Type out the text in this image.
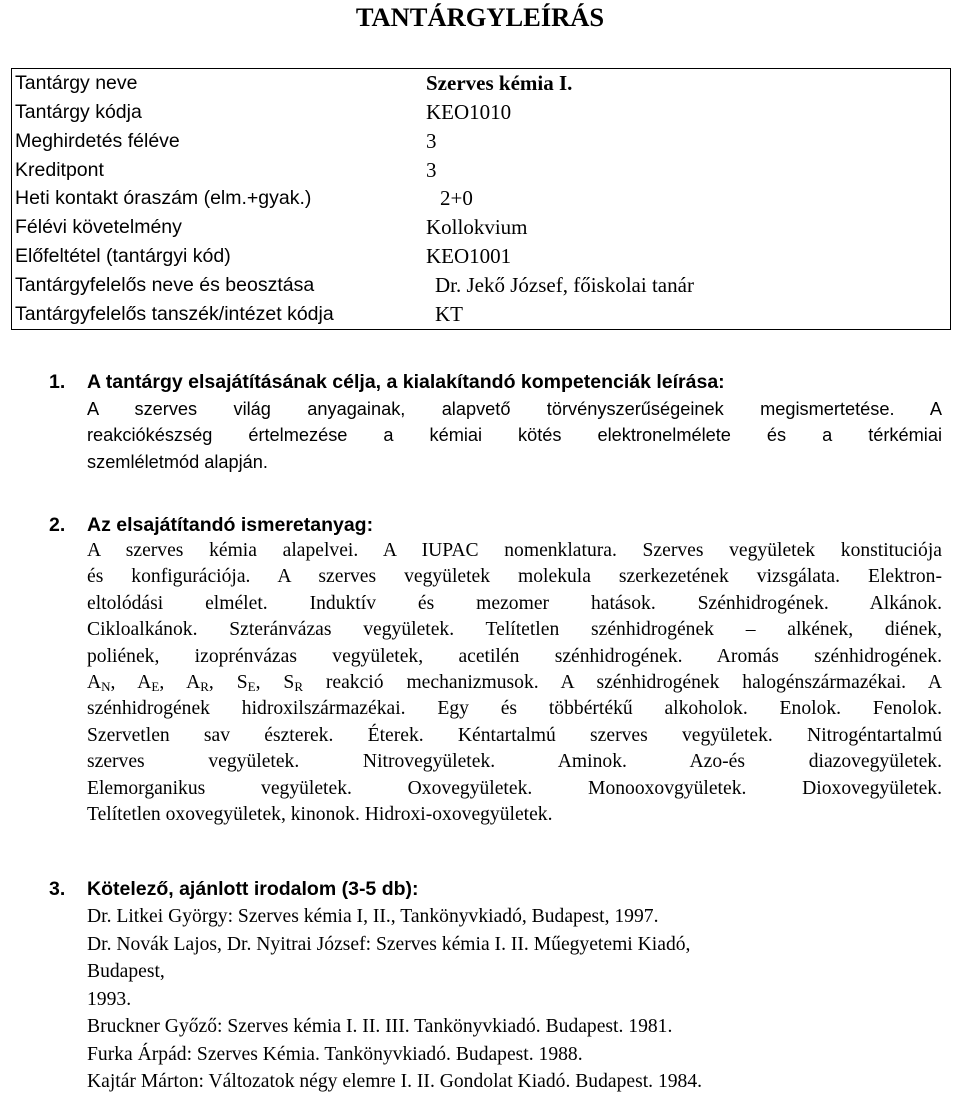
TANTÁRGYLEÍRÁS
Tantárgy neve	Szerves kémia I.
Tantárgy kódja	KEO1010
Meghirdetés féléve	3
Kreditpont	3
Heti kontakt óraszám (elm.+gyak.)	2+0
Félévi követelmény	Kollokvium
Előfeltétel (tantárgyi kód)	KEO1001
Tantárgyfelelős neve és beosztása	Dr. Jekő József, főiskolai tanár
Tantárgyfelelős tanszék/intézet kódja	KT
1. A tantárgy elsajátításának célja, a kialakítandó kompetenciák leírása:
A szerves világ anyagainak, alapvető törvényszerűségeinek megismertetése. A
reakciókészség értelmezése a kémiai kötés elektronelmélete és a térkémiai
szemléletmód alapján.
2. Az elsajátítandó ismeretanyag:
A szerves kémia alapelvei. A IUPAC nomenklatura. Szerves vegyületek konstituciója
és konfigurációja. A szerves vegyületek molekula szerkezetének vizsgálata. Elektron-
eltolódási elmélet. Induktív és mezomer hatások. Szénhidrogének. Alkánok.
Cikloalkánok. Szteránvázas vegyületek. Telítetlen szénhidrogének – alkének, diének,
poliének, izoprénvázas vegyületek, acetilén szénhidrogének. Aromás szénhidrogének.
$A_N$, $A_E$, $A_R$, $S_E$, $S_R$ reakció mechanizmusok. A szénhidrogének halogénszármazékai. A
szénhidrogének hidroxilszármazékai. Egy és többértékű alkoholok. Enolok. Fenolok.
Szervetlen sav észterek. Éterek. Kéntartalmú szerves vegyületek. Nitrogéntartalmú
szerves vegyületek. Nitrovegyületek. Aminok. Azo-és diazovegyületek.
Elemorganikus vegyületek. Oxovegyületek. Monooxovgyületek. Dioxovegyületek.
Telítetlen oxovegyületek, kinonok. Hidroxi-oxovegyületek.
3. Kötelező, ajánlott irodalom (3-5 db):
Dr. Litkei György: Szerves kémia I, II., Tankönyvkiadó, Budapest, 1997.
Dr. Novák Lajos, Dr. Nyitrai József: Szerves kémia I. II. Műegyetemi Kiadó,
Budapest,
1993.
Bruckner Győző: Szerves kémia I. II. III. Tankönyvkiadó. Budapest. 1981.
Furka Árpád: Szerves Kémia. Tankönyvkiadó. Budapest. 1988.
Kajtár Márton: Változatok négy elemre I. II. Gondolat Kiadó. Budapest. 1984.
